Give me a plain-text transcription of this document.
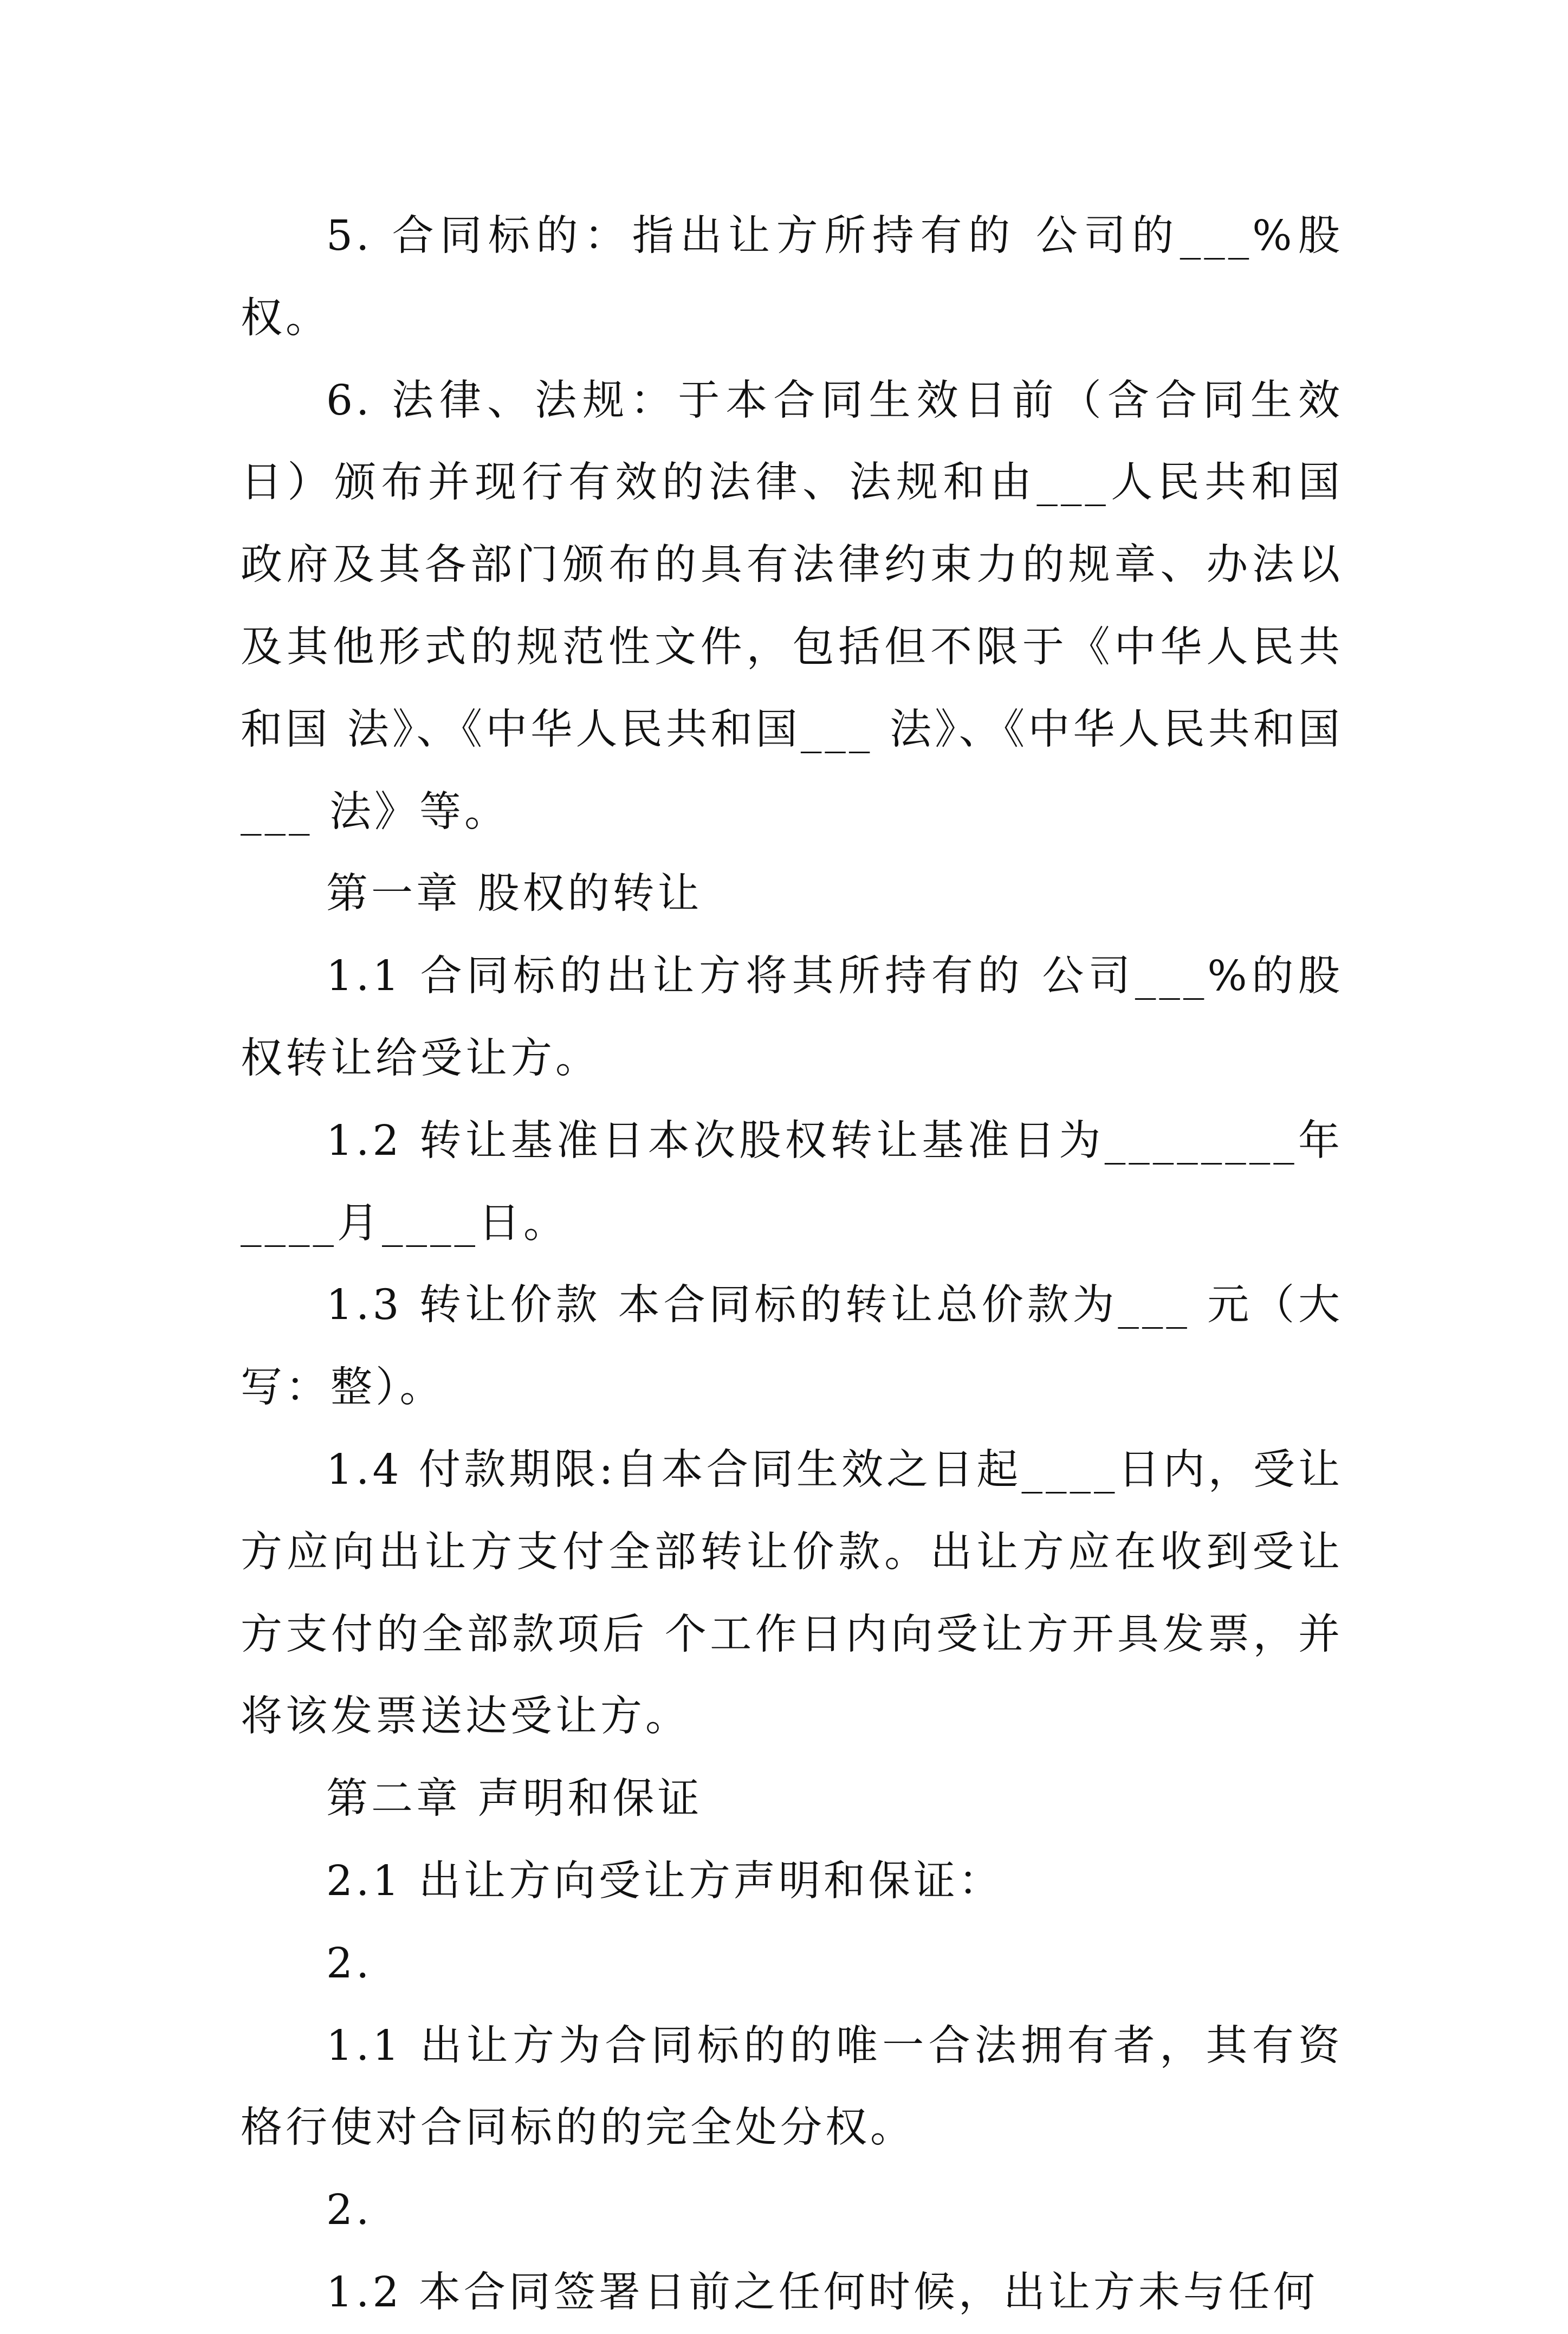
5. 合同标的：指出让方所持有的 公司的___%股权。

6. 法律、法规：于本合同生效日前（含合同生效日）颁布并现行有效的法律、法规和由___人民共和国政府及其各部门颁布的具有法律约束力的规章、办法以及其他形式的规范性文件，包括但不限于《中华人民共和国 法》、《中华人民共和国___ 法》、《中华人民共和国___ 法》等。

第一章 股权的转让

1.1 合同标的出让方将其所持有的 公司___%的股权转让给受让方。

1.2 转让基准日本次股权转让基准日为________年____月____日。

1.3 转让价款 本合同标的转让总价款为___ 元（大写：整）。

1.4 付款期限:自本合同生效之日起____日内，受让方应向出让方支付全部转让价款。出让方应在收到受让方支付的全部款项后 个工作日内向受让方开具发票，并将该发票送达受让方。

第二章 声明和保证

2.1 出让方向受让方声明和保证：

2.

1.1 出让方为合同标的的唯一合法拥有者，其有资格行使对合同标的的完全处分权。

2.

1.2 本合同签署日前之任何时候，出让方未与任何
